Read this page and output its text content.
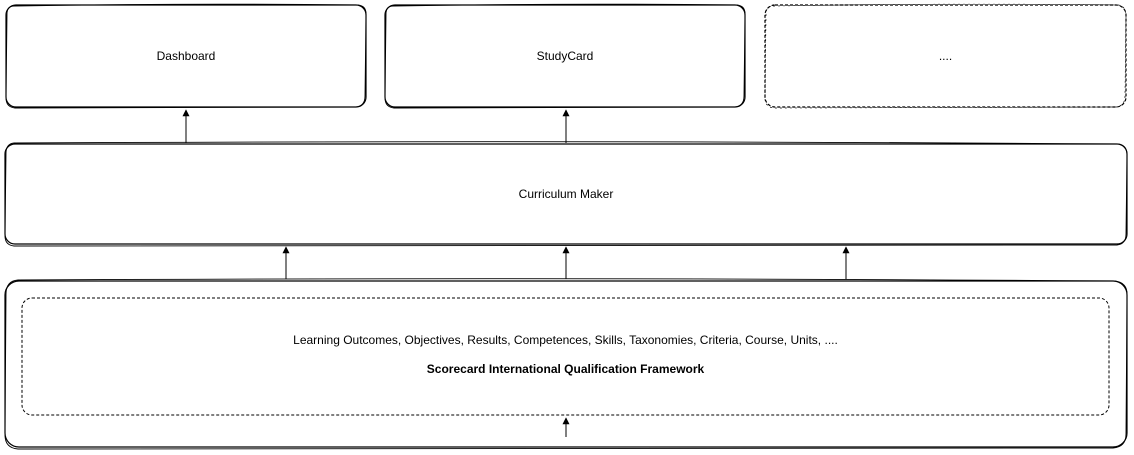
Dashboard	StudyCard	....
Curriculum Maker
Learning Outcomes, Objectives, Results, Competences, Skills, Taxonomies, Criteria, Course, Units, ....
Scorecard International Qualification Framework
